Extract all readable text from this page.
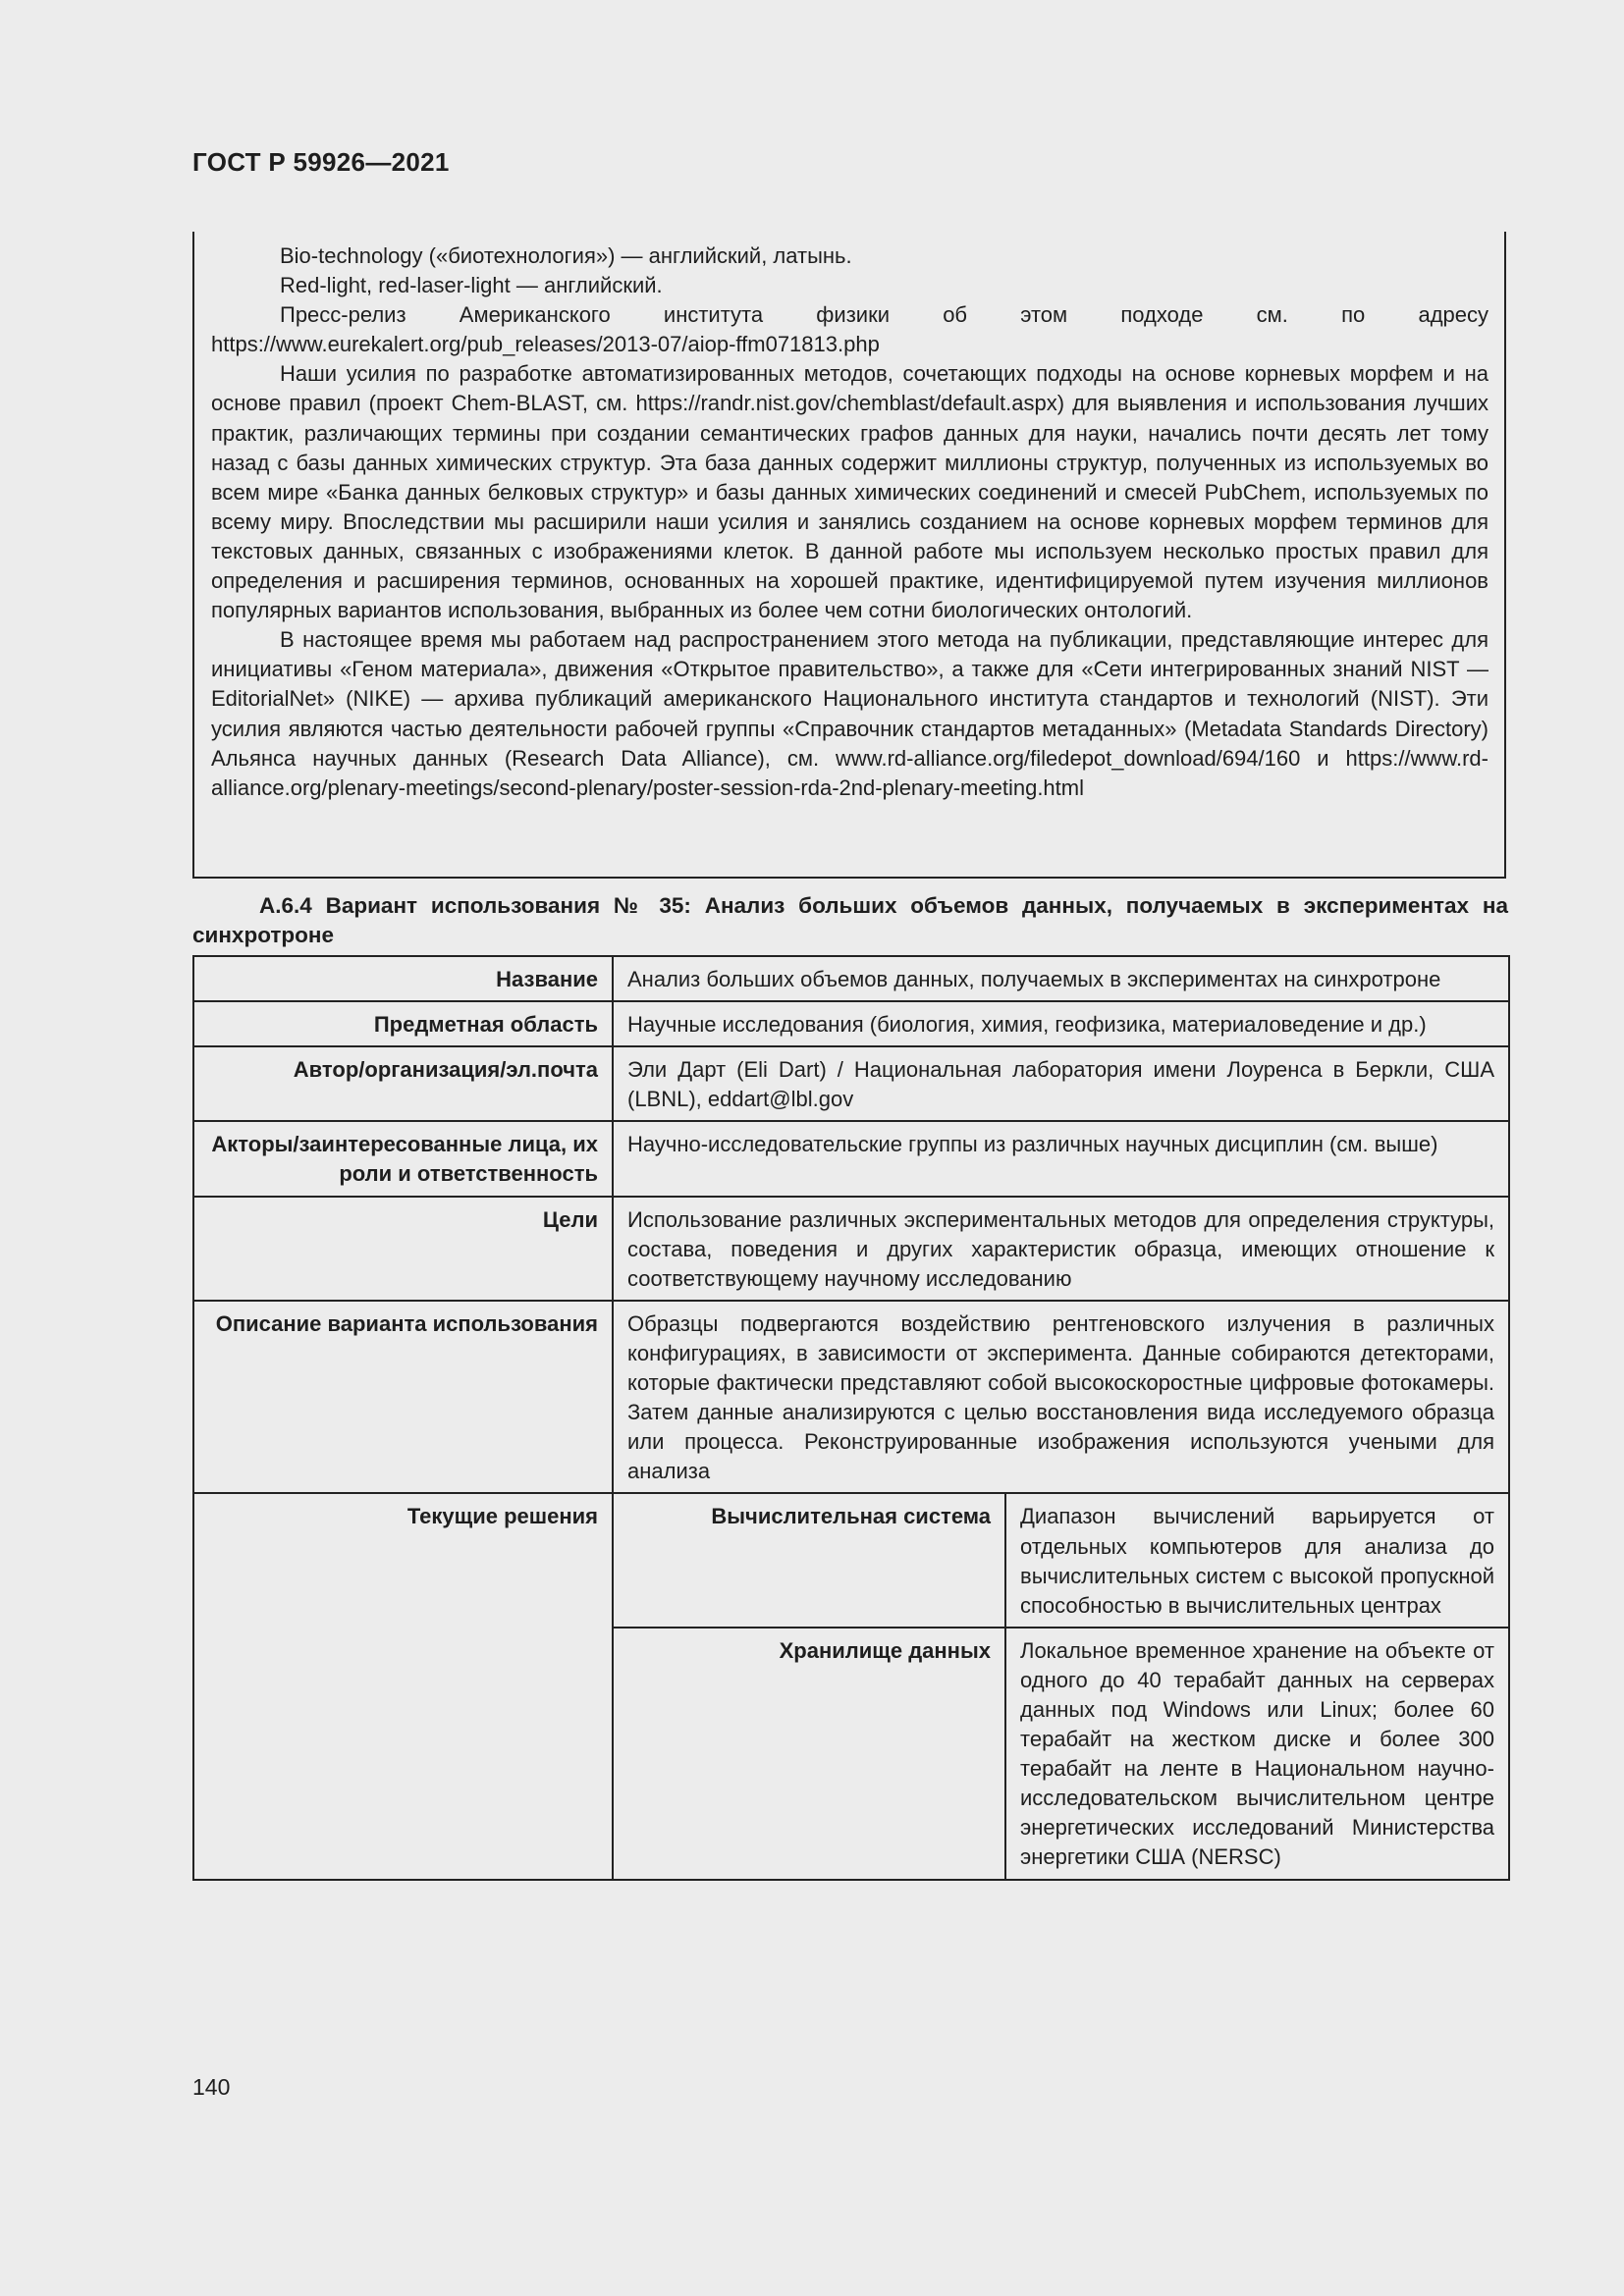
ГОСТ Р 59926—2021

Bio-technology («биотехнология») — английский, латынь.

Red-light, red-laser-light — английский.

Пресс-релиз Американского института физики об этом подходе см. по адресу https://www.eurekalert.org/pub_releases/2013-07/aiop-ffm071813.php

Наши усилия по разработке автоматизированных методов, сочетающих подходы на основе корневых морфем и на основе правил (проект Chem-BLAST, см. https://randr.nist.gov/chemblast/default.aspx) для выявления и использования лучших практик, различающих термины при создании семантических графов данных для науки, начались почти десять лет тому назад с базы данных химических структур. Эта база данных содержит миллионы структур, полученных из используемых во всем мире «Банка данных белковых структур» и базы данных химических соединений и смесей PubChem, используемых по всему миру. Впоследствии мы расширили наши усилия и занялись созданием на основе корневых морфем терминов для текстовых данных, связанных с изображениями клеток. В данной работе мы используем несколько простых правил для определения и расширения терминов, основанных на хорошей практике, идентифицируемой путем изучения миллионов популярных вариантов использования, выбранных из более чем сотни биологических онтологий.

В настоящее время мы работаем над распространением этого метода на публикации, представляющие интерес для инициативы «Геном материала», движения «Открытое правительство», а также для «Сети интегрированных знаний NIST — EditorialNet» (NIKE) — архива публикаций американского Национального института стандартов и технологий (NIST). Эти усилия являются частью деятельности рабочей группы «Справочник стандартов метаданных» (Metadata Standards Directory) Альянса научных данных (Research Data Alliance), см. www.rd-alliance.org/filedepot_download/694/160 и https://www.rd-alliance.org/plenary-meetings/second-plenary/poster-session-rda-2nd-plenary-meeting.html

А.6.4 Вариант использования № 35: Анализ больших объемов данных, получаемых в экспериментах на синхротроне
Название	Анализ больших объемов данных, получаемых в экспериментах на синхротроне	
Предметная область	Научные исследования (биология, химия, геофизика, материаловедение и др.)	
Автор/организация/эл.почта	Эли Дарт (Eli Dart) / Национальная лаборатория имени Лоуренса в Беркли, США (LBNL), eddart@lbl.gov	
Акторы/заинтересованные лица, их роли и ответственность	Научно-исследовательские группы из различных научных дисциплин (см. выше)	
Цели	Использование различных экспериментальных методов для определения структуры, состава, поведения и других характеристик образца, имеющих отношение к соответствующему научному исследованию	
Описание варианта использования	Образцы подвергаются воздействию рентгеновского излучения в различных конфигурациях, в зависимости от эксперимента. Данные собираются детекторами, которые фактически представляют собой высокоскоростные цифровые фотокамеры. Затем данные анализируются с целью восстановления вида исследуемого образца или процесса. Реконструированные изображения используются учеными для анализа	
Текущие решения	Вычислительная система	Диапазон вычислений варьируется от отдельных компьютеров для анализа до вычислительных систем с высокой пропускной способностью в вычислительных центрах
	Хранилище данных	Локальное временное хранение на объекте от одного до 40 терабайт данных на серверах данных под Windows или Linux; более 60 терабайт на жестком диске и более 300 терабайт на ленте в Национальном научно-исследовательском вычислительном центре энергетических исследований Министерства энергетики США (NERSC)
140
